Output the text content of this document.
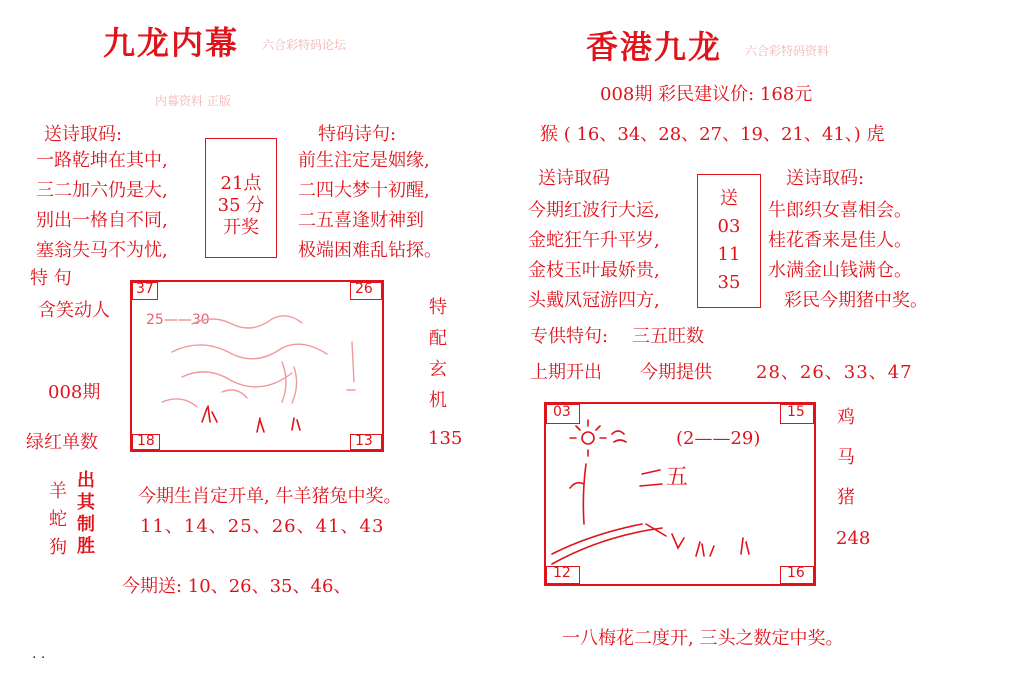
九龙内幕 六合彩特码论坛
内幕资料 正版
送诗取码:
一路乾坤在其中,
三二加六仍是大,
别出一格自不同,
塞翁失马不为忧,
21点
35 分
开奖
特码诗句:
前生注定是姻缘,
二四大梦十初醒,
二五喜逢财神到
极端困难乱钻探。
特 句
含笑动人
008期
绿红单数
37	26
18	13
25——30
特
配
玄
机
135
羊
蛇
狗
出
其
制
胜
今期生肖定开单, 牛羊猪兔中奖。
11、14、25、26、41、43
今期送: 10、26、35、46、
. .
香港九龙 六合彩特码资料
008期 彩民建议价: 168元
猴 ( 16、34、28、27、19、21、41、) 虎
送诗取码
今期红波行大运,
金蛇狂午升平岁,
金枝玉叶最娇贵,
头戴凤冠游四方,
送
03
11
35
送诗取码:
牛郎织女喜相会。
桂花香来是佳人。
水满金山钱满仓。
彩民今期猪中奖。
专供特句: 三五旺数
上期开出 今期提供 28、26、33、47
03	15
12	16
(2——29)
五
鸡
马
猪
248
一八梅花二度开, 三头之数定中奖。
